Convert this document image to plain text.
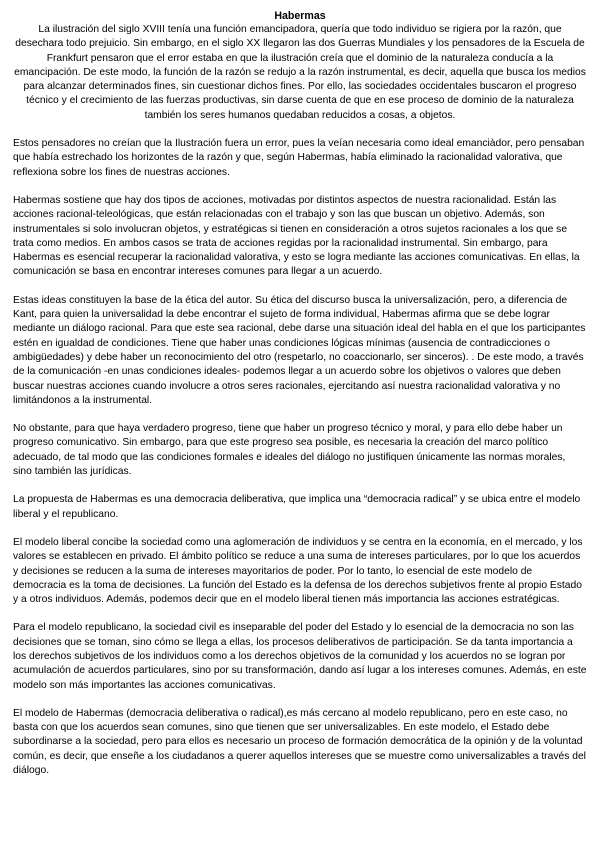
Habermas

La ilustración del siglo XVIII tenía una función emancipadora, quería que todo individuo se rigiera por la razón, que desechara todo prejuicio. Sin embargo, en el siglo XX llegaron las dos Guerras Mundiales y los pensadores de la Escuela de Frankfurt pensaron que el error estaba en que la ilustración creía que el dominio de la naturaleza conducía a la emancipación. De este modo, la función de la razón se redujo a la razón instrumental, es decir, aquella que busca los medios para alcanzar determinados fines, sin cuestionar dichos fines. Por ello, las sociedades occidentales buscaron el progreso técnico y el crecimiento de las fuerzas productivas, sin darse cuenta de que en ese proceso de dominio de la naturaleza también los seres humanos quedaban reducidos a cosas, a objetos.

Estos pensadores no creían que la Ilustración fuera un error, pues la veían necesaria como ideal emanciàdor, pero pensaban que había estrechado los horizontes de la razón y que, según Habermas, había eliminado la racionalidad valorativa, que reflexiona sobre los fines de nuestras acciones.

Habermas sostiene que hay dos tipos de acciones, motivadas por distintos aspectos de nuestra racionalidad. Están las acciones racional-teleológicas, que están relacionadas con el trabajo y son las que buscan un objetivo. Además, son instrumentales si solo involucran objetos, y estratégicas si tienen en consideración a otros sujetos racionales a los que se trata como medios. En ambos casos se trata de acciones regidas por la racionalidad instrumental. Sin embargo, para Habermas es esencial recuperar la racionalidad valorativa, y esto se logra mediante las acciones comunicativas. En ellas, la comunicación se basa en encontrar intereses comunes para llegar a un acuerdo.

Estas ideas constituyen la base de la ética del autor. Su ética del discurso busca la universalización, pero, a diferencia de Kant, para quien la universalidad la debe encontrar el sujeto de forma individual, Habermas afirma que se debe lograr mediante un diálogo racional. Para que este sea racional, debe darse una situación ideal del habla en el que los participantes estén en igualdad de condiciones. Tiene que haber unas condiciones lógicas mínimas (ausencia de contradicciones o ambigüedades) y debe haber un reconocimiento del otro (respetarlo, no coaccionarlo, ser sinceros). . De este modo, a través de la comunicación -en unas condiciones ideales- podemos llegar a un acuerdo sobre los objetivos o valores que deben buscar nuestras acciones cuando involucre a otros seres racionales, ejercitando así nuestra racionalidad valorativa y no limitándonos a la instrumental.

No obstante, para que haya verdadero progreso, tiene que haber un progreso técnico y moral, y para ello debe haber un progreso comunicativo. Sin embargo, para que este progreso sea posible, es necesaria la creación del marco político adecuado, de tal modo que las condiciones formales e ideales del diálogo no justifiquen únicamente las normas morales, sino también las jurídicas.

La propuesta de Habermas es una democracia deliberativa, que implica una “democracia radical” y se ubica entre el modelo liberal y el republicano.

El modelo liberal concibe la sociedad como una aglomeración de individuos y se centra en la economía, en el mercado, y los valores se establecen en privado. El ámbito político se reduce a una suma de intereses particulares, por lo que los acuerdos y decisiones se reducen a la suma de intereses mayoritarios de poder. Por lo tanto, lo esencial de este modelo de democracia es la toma de decisiones. La función del Estado es la defensa de los derechos subjetivos frente al propio Estado y a otros individuos. Además, podemos decir que en el modelo liberal tienen más importancia las acciones estratégicas.

Para el modelo republicano, la sociedad civil es inseparable del poder del Estado y lo esencial de la democracia no son las decisiones que se toman, sino cómo se llega a ellas, los procesos deliberativos de participación. Se da tanta importancia a los derechos subjetivos de los individuos como a los derechos objetivos de la comunidad y los acuerdos no se logran por acumulación de acuerdos particulares, sino por su transformación, dando así lugar a los intereses comunes. Además, en este modelo son más importantes las acciones comunicativas.

El modelo de Habermas (democracia deliberativa o radical),es más cercano al modelo republicano, pero en este caso, no basta con que los acuerdos sean comunes, sino que tienen que ser universalizables. En este modelo, el Estado debe subordinarse a la sociedad, pero para ellos es necesario un proceso de formación democrática de la opinión y de la voluntad común, es decir, que enseñe a los ciudadanos a querer aquellos intereses que se muestre como universalizables a través del diálogo.
